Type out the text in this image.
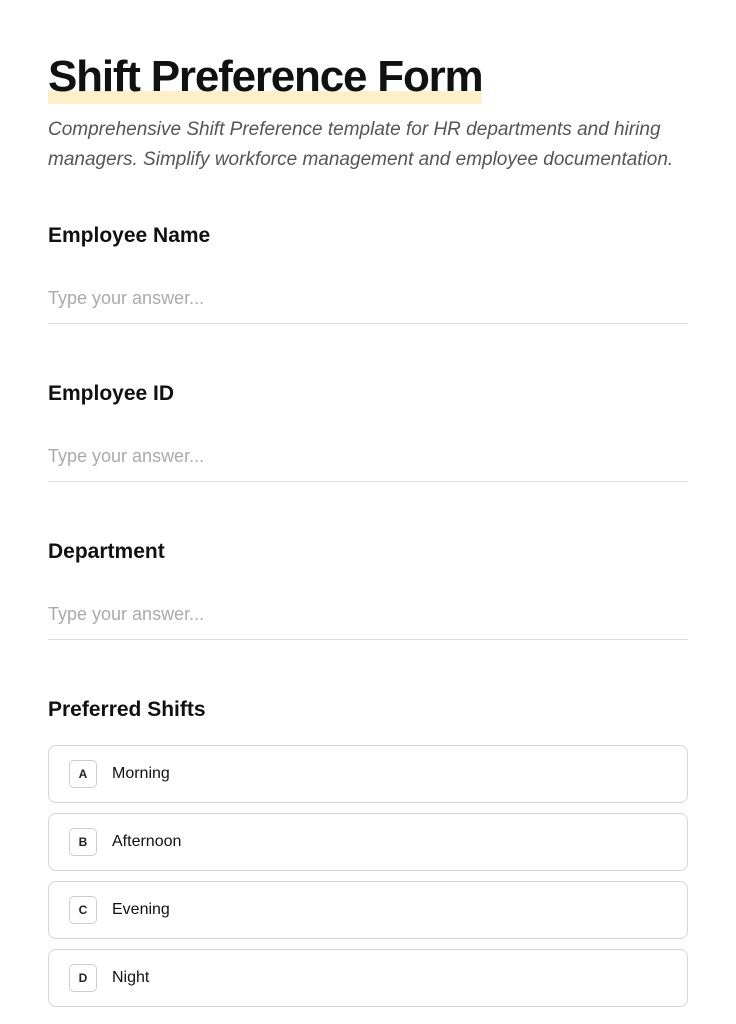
Shift Preference Form

Comprehensive Shift Preference template for HR departments and hiring managers. Simplify workforce management and employee documentation.

Employee Name
Type your answer...
Employee ID
Type your answer...
Department
Type your answer...
Preferred Shifts
A	Morning
B	Afternoon
C	Evening
D	Night
